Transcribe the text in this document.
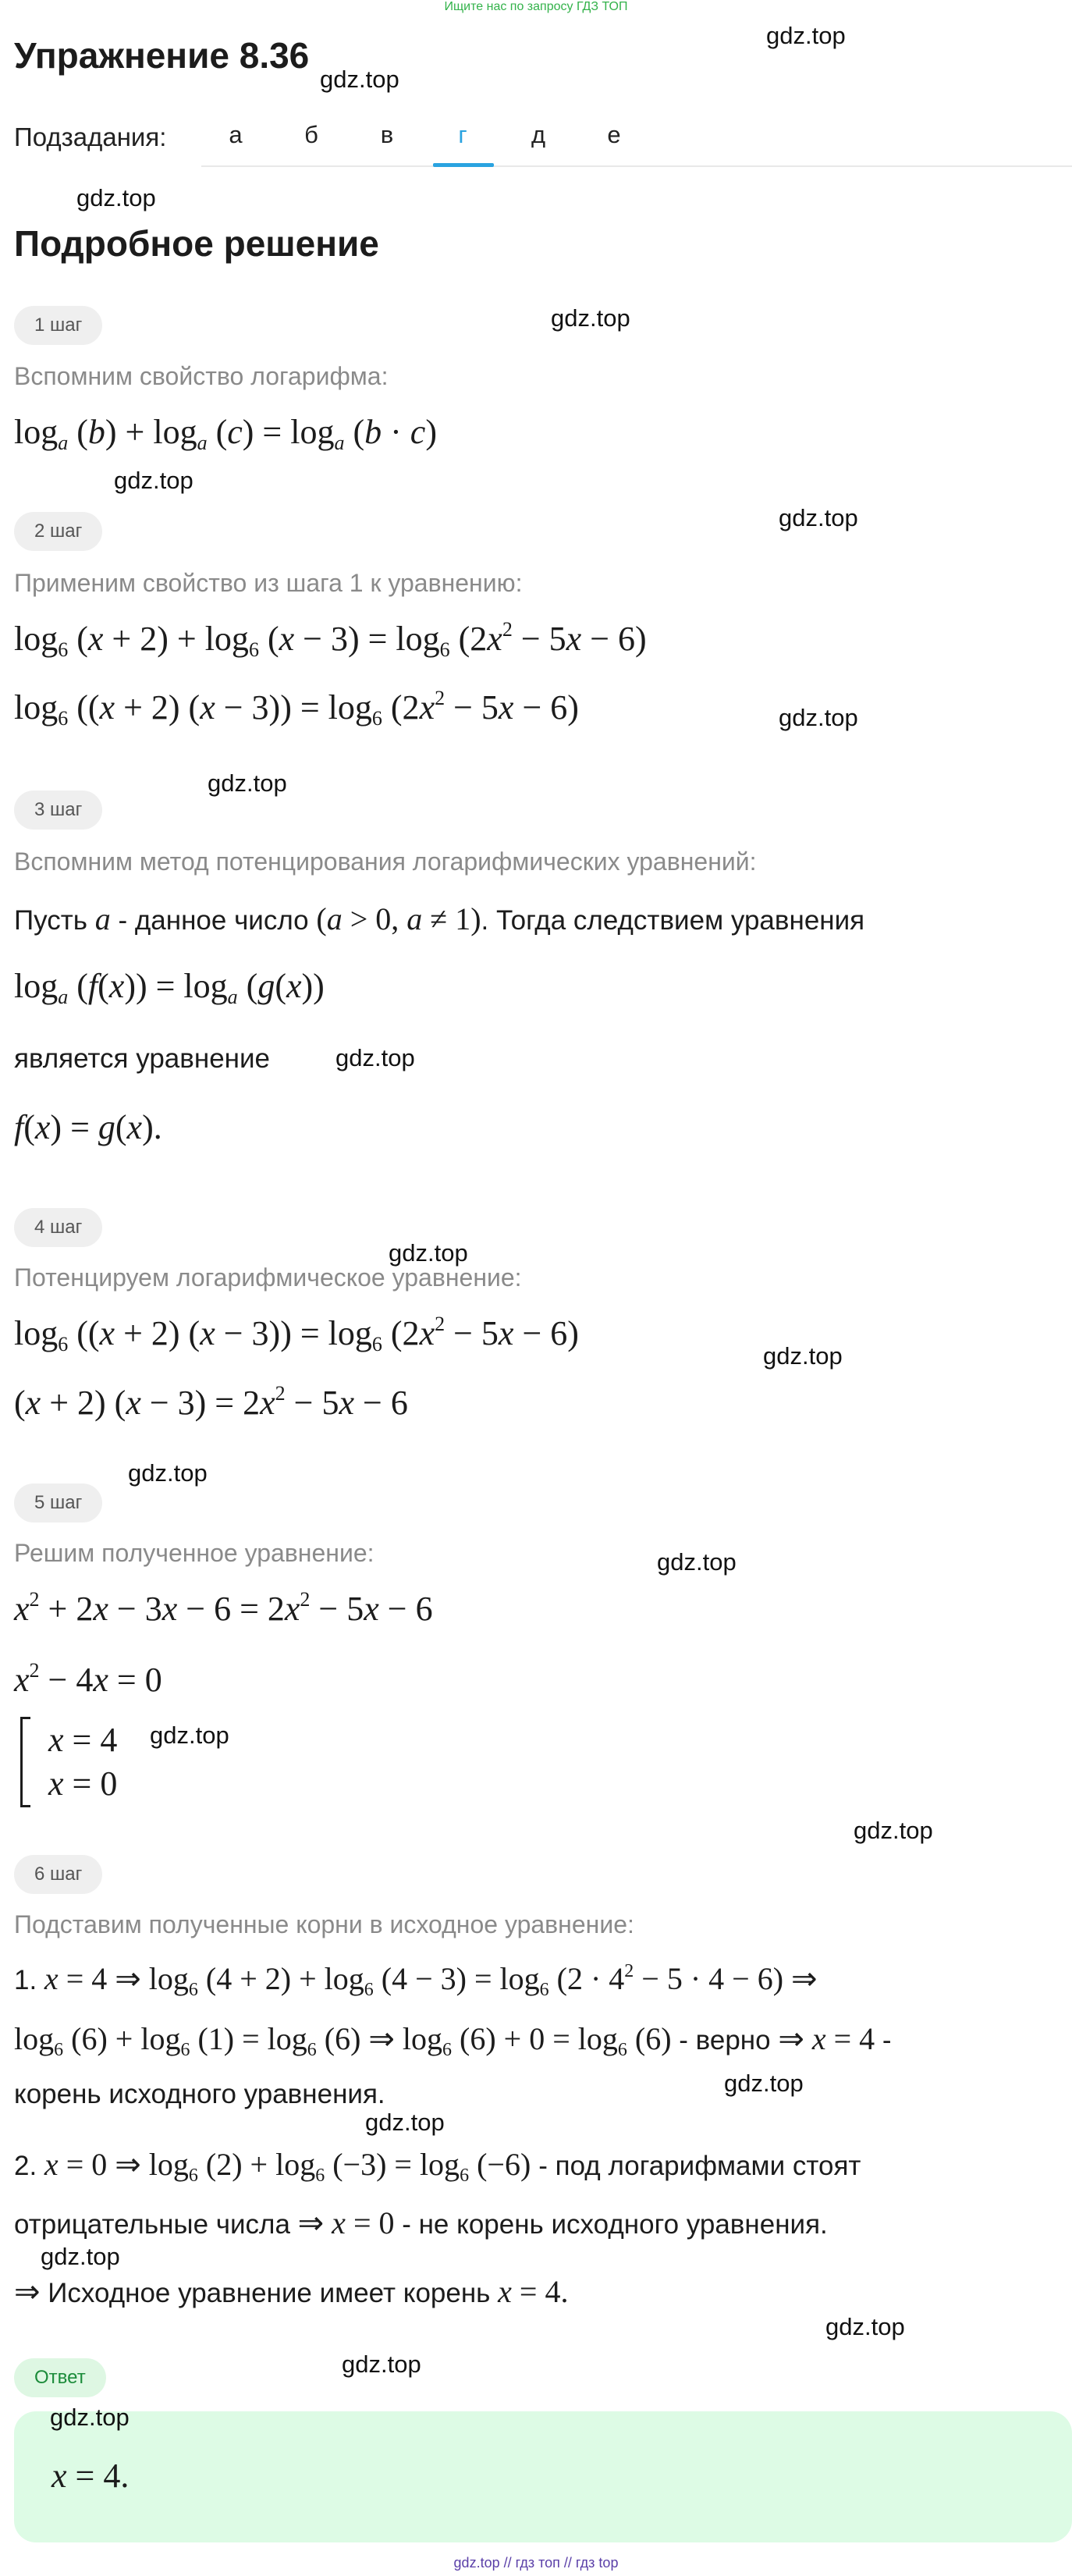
Ищите нас по запросу ГДЗ ТОП
Упражнение 8.36
Подзадания:	а	б	в	г	д	е
Подробное решение
1 шаг
Вспомним свойство логарифма:
$\log_a (b) + \log_a (c) = \log_a (b \cdot c)$
2 шаг
Применим свойство из шага 1 к уравнению:
$\log_6 (x + 2) + \log_6 (x - 3) = \log_6 (2x^2 - 5x - 6)$
$\log_6 ((x + 2) (x - 3)) = \log_6 (2x^2 - 5x - 6)$
3 шаг
Вспомним метод потенцирования логарифмических уравнений:
Пусть a - данное число (a > 0, a ≠ 1). Тогда следствием уравнения
$\log_a (f(x)) = \log_a (g(x))$
является уравнение
f(x) = g(x).
4 шаг
Потенцируем логарифмическое уравнение:
$\log_6 ((x + 2) (x - 3)) = \log_6 (2x^2 - 5x - 6)$
(x + 2) $(x - 3) = 2x^2 - 5x - 6$
5 шаг
Решим полученное уравнение:
$x^2 + 2x - 3x - 6 = 2x^2 - 5x - 6$
$x^2 - 4x = 0$
x = 4
x = 0
6 шаг
Подставим полученные корни в исходное уравнение:
1. x = 4 ⇒ $\log_6 (4 + 2) + \log_6 (4 - 3) = \log_6 (2 \cdot 4^2 - 5 \cdot 4 - 6)$ ⇒
$\log_6 (6) + \log_6 (1) = \log_6 (6)$ ⇒ $\log_6 (6) + 0 = \log_6 (6)$ - верно ⇒ x = 4 -
корень исходного уравнения.
2. x = 0 ⇒ $\log_6 (2) + \log_6 (-3) = \log_6 (-6)$ - под логарифмами стоят
отрицательные числа ⇒ x = 0 - не корень исходного уравнения.
⇒ Исходное уравнение имеет корень x = 4.
Ответ
x = 4.
gdz.top
gdz.top
gdz.top
gdz.top
gdz.top
gdz.top
gdz.top
gdz.top
gdz.top
gdz.top
gdz.top
gdz.top
gdz.top
gdz.top
gdz.top
gdz.top
gdz.top
gdz.top
gdz.top
gdz.top
gdz.top
gdz.top // гдз топ // гдз top
